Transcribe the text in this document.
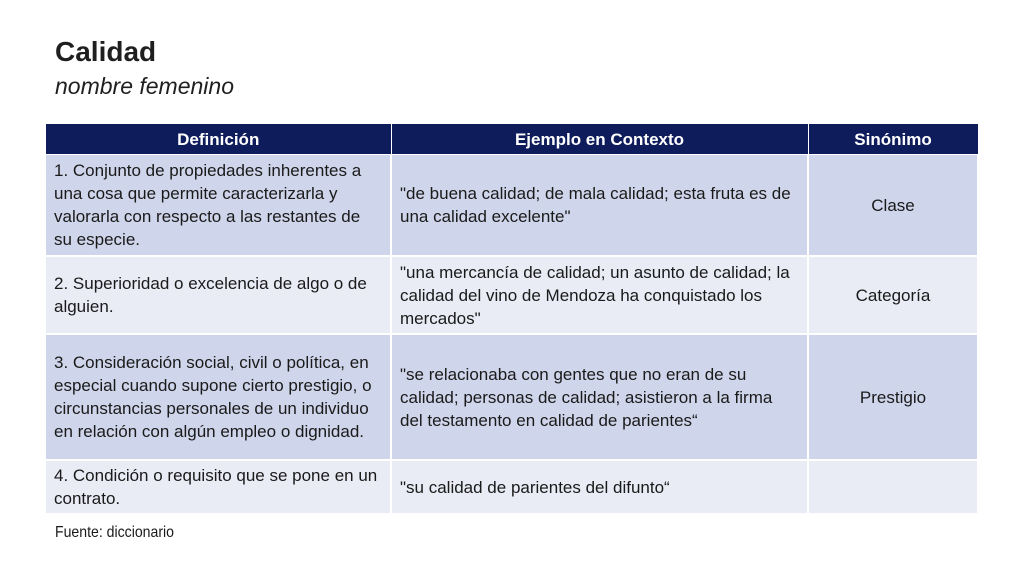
Calidad
nombre femenino
Definición	Ejemplo en Contexto	Sinónimo
1. Conjunto de propiedades inherentes a una cosa que permite caracterizarla y valorarla con respecto a las restantes de su especie.	"de buena calidad; de mala calidad; esta fruta es de una calidad excelente"	Clase
2. Superioridad o excelencia de algo o de alguien.	"una mercancía de calidad; un asunto de calidad; la calidad del vino de Mendoza ha conquistado los mercados"	Categoría
3. Consideración social, civil o política, en especial cuando supone cierto prestigio, o circunstancias personales de un individuo en relación con algún empleo o dignidad.	"se relacionaba con gentes que no eran de su calidad; personas de calidad; asistieron a la firma del testamento en calidad de parientes“	Prestigio
4. Condición o requisito que se pone en un contrato.	"su calidad de parientes del difunto“	
Fuente: diccionario
